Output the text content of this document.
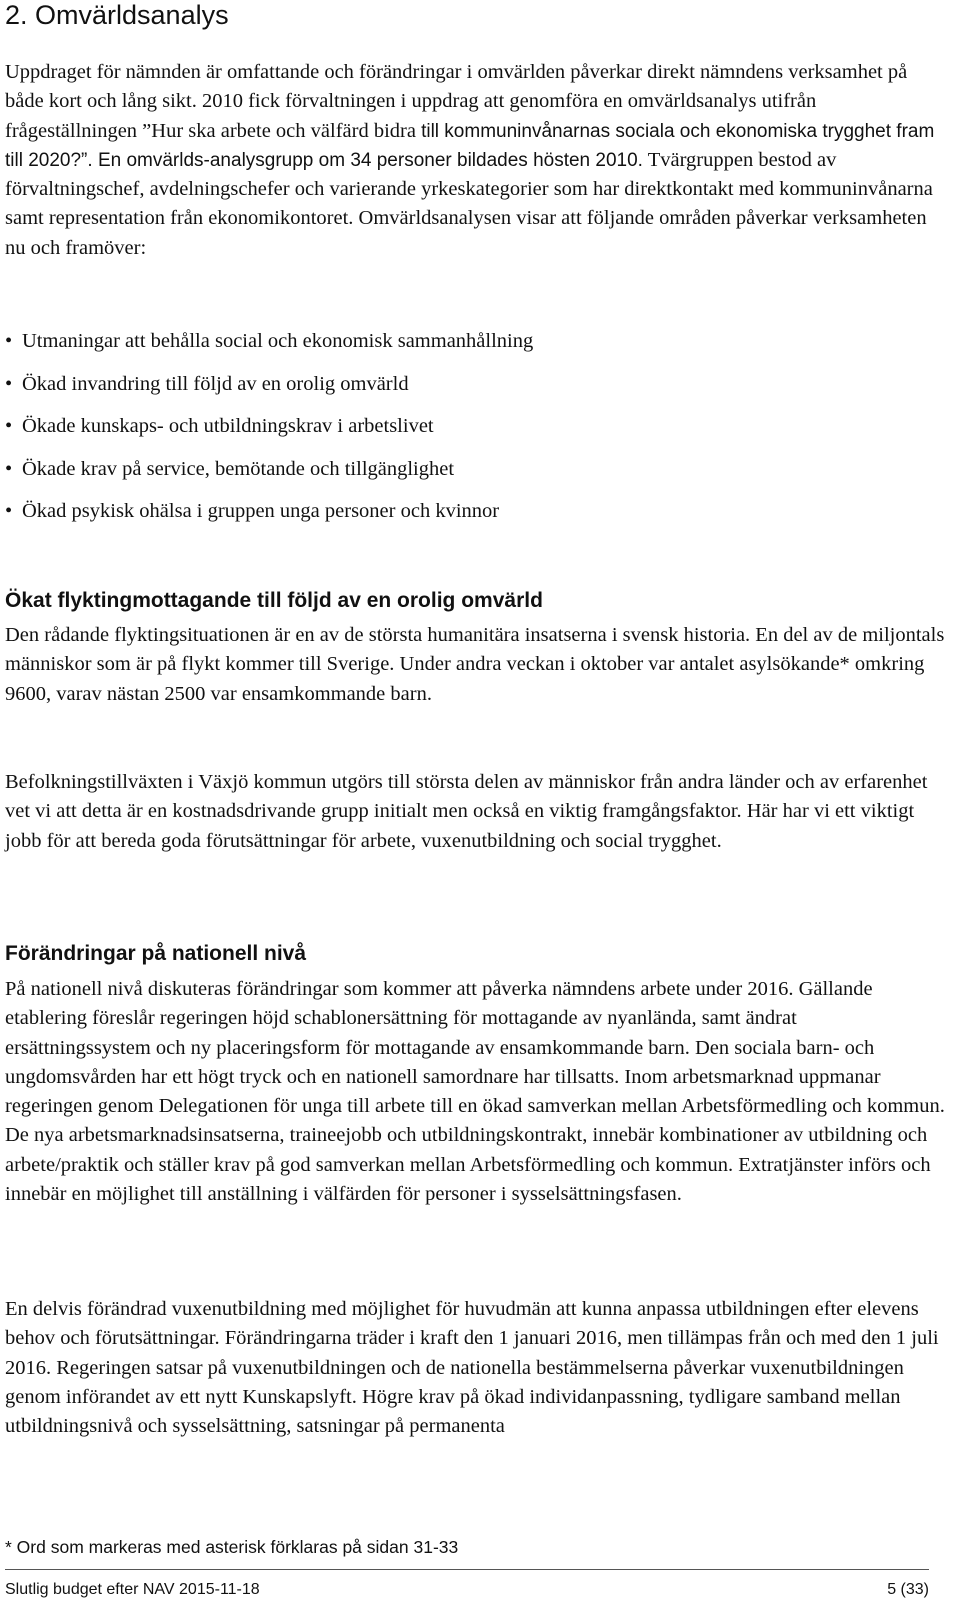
2. Omvärldsanalys

Uppdraget för nämnden är omfattande och förändringar i omvärlden påverkar direkt nämndens verksamhet på både kort och lång sikt. 2010 fick förvaltningen i uppdrag att genomföra en omvärldsanalys utifrån frågeställningen ”Hur ska arbete och välfärd bidra till kommuninvånarnas sociala och ekonomiska trygghet fram till 2020?”. En omvärlds-analysgrupp om 34 personer bildades hösten 2010. Tvärgruppen bestod av förvaltningschef, avdelningschefer och varierande yrkeskategorier som har direktkontakt med kommuninvånarna samt representation från ekonomikontoret. Omvärldsanalysen visar att följande områden påverkar verksamheten nu och framöver:

• Utmaningar att behålla social och ekonomisk sammanhållning
• Ökad invandring till följd av en orolig omvärld
• Ökade kunskaps- och utbildningskrav i arbetslivet
• Ökade krav på service, bemötande och tillgänglighet
• Ökad psykisk ohälsa i gruppen unga personer och kvinnor
Ökat flyktingmottagande till följd av en orolig omvärld

Den rådande flyktingsituationen är en av de största humanitära insatserna i svensk historia. En del av de miljontals människor som är på flykt kommer till Sverige. Under andra veckan i oktober var antalet asylsökande* omkring 9600, varav nästan 2500 var ensamkommande barn.

Befolkningstillväxten i Växjö kommun utgörs till största delen av människor från andra länder och av erfarenhet vet vi att detta är en kostnadsdrivande grupp initialt men också en viktig framgångsfaktor. Här har vi ett viktigt jobb för att bereda goda förutsättningar för arbete, vuxenutbildning och social trygghet.

Förändringar på nationell nivå

På nationell nivå diskuteras förändringar som kommer att påverka nämndens arbete under 2016. Gällande etablering föreslår regeringen höjd schablonersättning för mottagande av nyanlända, samt ändrat ersättningssystem och ny placeringsform för mottagande av ensamkommande barn. Den sociala barn- och ungdomsvården har ett högt tryck och en nationell samordnare har tillsatts. Inom arbetsmarknad uppmanar regeringen genom Delegationen för unga till arbete till en ökad samverkan mellan Arbetsförmedling och kommun. De nya arbetsmarknadsinsatserna, traineejobb och utbildningskontrakt, innebär kombinationer av utbildning och arbete/praktik och ställer krav på god samverkan mellan Arbetsförmedling och kommun. Extratjänster införs och innebär en möjlighet till anställning i välfärden för personer i sysselsättningsfasen.

En delvis förändrad vuxenutbildning med möjlighet för huvudmän att kunna anpassa utbildningen efter elevens behov och förutsättningar. Förändringarna träder i kraft den 1 januari 2016, men tillämpas från och med den 1 juli 2016. Regeringen satsar på vuxenutbildningen och de nationella bestämmelserna påverkar vuxenutbildningen genom införandet av ett nytt Kunskapslyft. Högre krav på ökad individanpassning, tydligare samband mellan utbildningsnivå och sysselsättning, satsningar på permanenta

* Ord som markeras med asterisk förklaras på sidan 31-33
Slutlig budget efter NAV 2015-11-18	5 (33)
